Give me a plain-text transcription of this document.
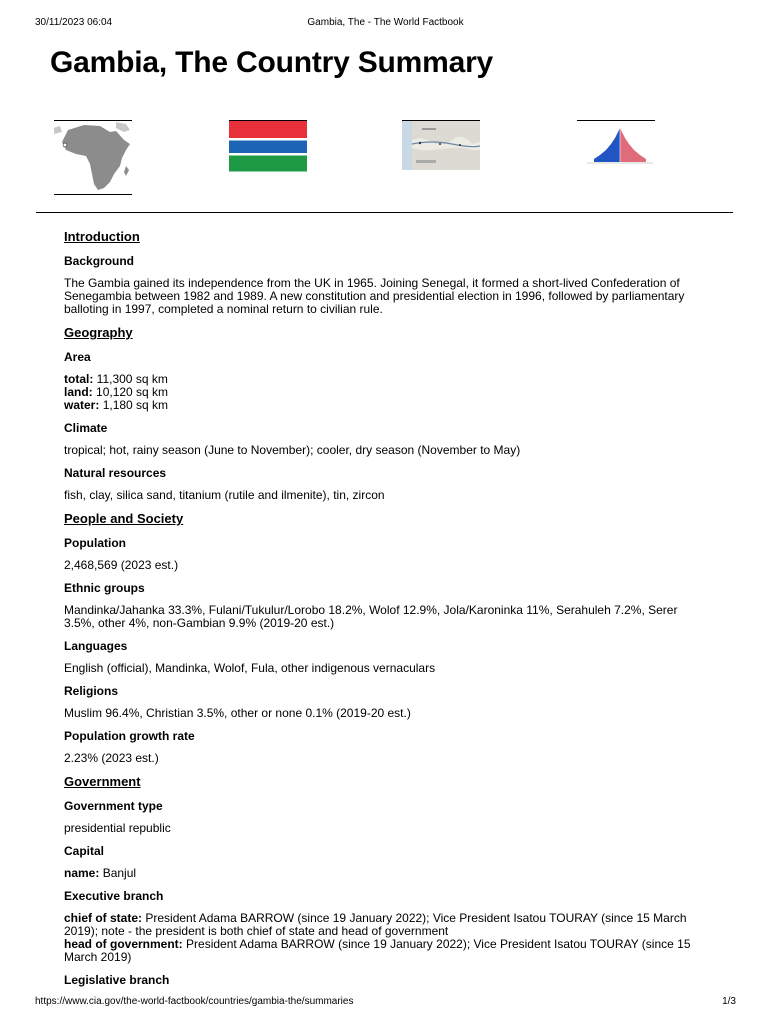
30/11/2023 06:04	Gambia, The - The World Factbook
Gambia, The Country Summary
Introduction
Background
The Gambia gained its independence from the UK in 1965. Joining Senegal, it formed a short-lived Confederation of Senegambia between 1982 and 1989. A new constitution and presidential election in 1996, followed by parliamentary balloting in 1997, completed a nominal return to civilian rule.
Geography
Area
total: 11,300 sq km
land: 10,120 sq km
water: 1,180 sq km
Climate
tropical; hot, rainy season (June to November); cooler, dry season (November to May)
Natural resources
fish, clay, silica sand, titanium (rutile and ilmenite), tin, zircon
People and Society
Population
2,468,569 (2023 est.)
Ethnic groups
Mandinka/Jahanka 33.3%, Fulani/Tukulur/Lorobo 18.2%, Wolof 12.9%, Jola/Karoninka 11%, Serahuleh 7.2%, Serer 3.5%, other 4%, non-Gambian 9.9% (2019-20 est.)
Languages
English (official), Mandinka, Wolof, Fula, other indigenous vernaculars
Religions
Muslim 96.4%, Christian 3.5%, other or none 0.1% (2019-20 est.)
Population growth rate
2.23% (2023 est.)
Government
Government type
presidential republic
Capital
name: Banjul
Executive branch
chief of state: President Adama BARROW (since 19 January 2022); Vice President Isatou TOURAY (since 15 March 2019); note - the president is both chief of state and head of government
head of government: President Adama BARROW (since 19 January 2022); Vice President Isatou TOURAY (since 15 March 2019)
Legislative branch
https://www.cia.gov/the-world-factbook/countries/gambia-the/summaries	1/3
